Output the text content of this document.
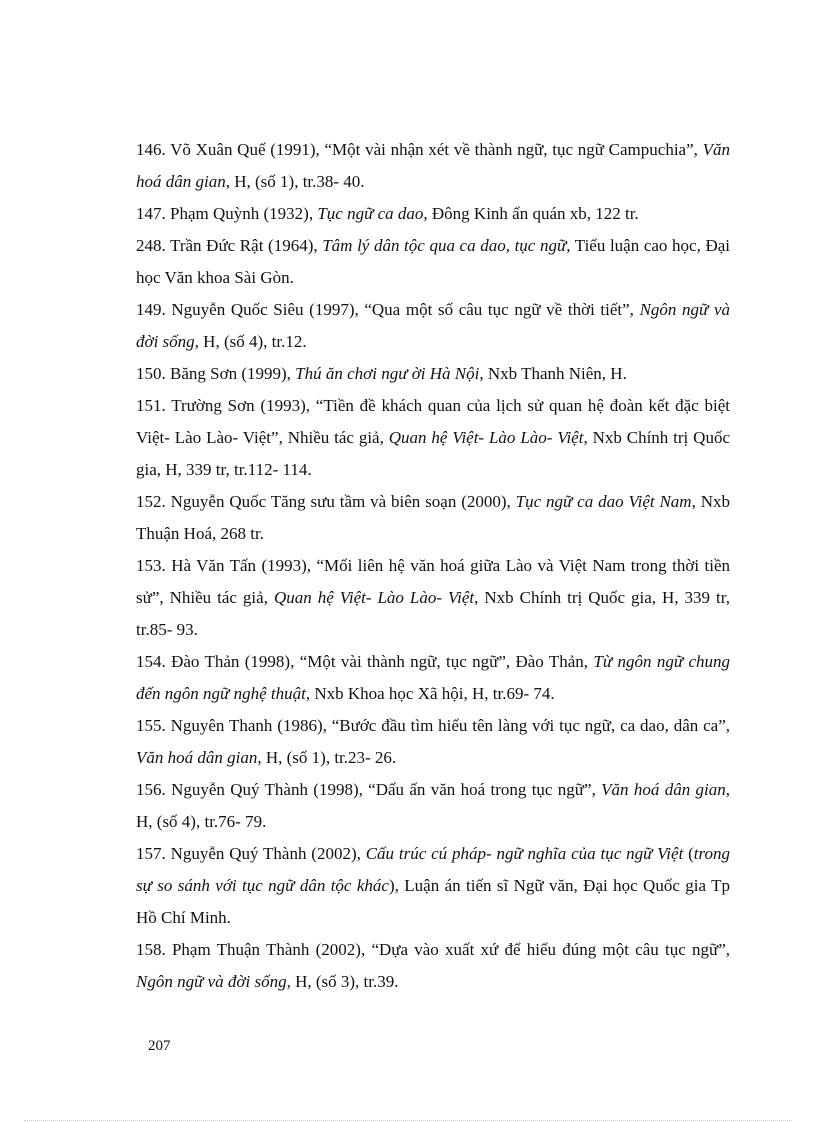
146. Võ Xuân Quế (1991), “Một vài nhận xét về thành ngữ, tục ngữ Campuchia”, Văn hoá dân gian, H, (số 1), tr.38- 40.

147. Phạm Quỳnh (1932), Tục ngữ ca dao, Đông Kinh ấn quán xb, 122 tr.

248. Trần Đức Rật (1964), Tâm lý dân tộc qua ca dao, tục ngữ, Tiểu luận cao học, Đại học Văn khoa Sài Gòn.

149. Nguyễn Quốc Siêu (1997), “Qua một số câu tục ngữ về thời tiết”, Ngôn ngữ và đời sống, H, (số 4), tr.12.

150. Băng Sơn (1999), Thú ăn chơi ngư ời Hà Nội, Nxb Thanh Niên, H.

151. Trường Sơn (1993), “Tiền đề khách quan của lịch sử quan hệ đoàn kết đặc biệt Việt- Lào Lào- Việt”, Nhiều tác giả, Quan hệ Việt- Lào Lào- Việt, Nxb Chính trị Quốc gia, H, 339 tr, tr.112- 114.

152. Nguyễn Quốc Tăng sưu tầm và biên soạn (2000), Tục ngữ ca dao Việt Nam, Nxb Thuận Hoá, 268 tr.

153. Hà Văn Tấn (1993), “Mối liên hệ văn hoá giữa Lào và Việt Nam trong thời tiền sử”, Nhiều tác giả, Quan hệ Việt- Lào Lào- Việt, Nxb Chính trị Quốc gia, H, 339 tr, tr.85- 93.

154. Đào Thản (1998), “Một vài thành ngữ, tục ngữ”, Đào Thản, Từ ngôn ngữ chung đến ngôn ngữ nghệ thuật, Nxb Khoa học Xã hội, H, tr.69- 74.

155. Nguyên Thanh (1986), “Bước đầu tìm hiểu tên làng với tục ngữ, ca dao, dân ca”, Văn hoá dân gian, H, (số 1), tr.23- 26.

156. Nguyễn Quý Thành (1998), “Dấu ấn văn hoá trong tục ngữ”, Văn hoá dân gian, H, (số 4), tr.76- 79.

157. Nguyễn Quý Thành (2002), Cấu trúc cú pháp- ngữ nghĩa của tục ngữ Việt (trong sự so sánh với tục ngữ dân tộc khác), Luận án tiến sĩ Ngữ văn, Đại học Quốc gia Tp Hồ Chí Minh.

158. Phạm Thuận Thành (2002), “Dựa vào xuất xứ để hiểu đúng một câu tục ngữ”, Ngôn ngữ và đời sống, H, (số 3), tr.39.

207
